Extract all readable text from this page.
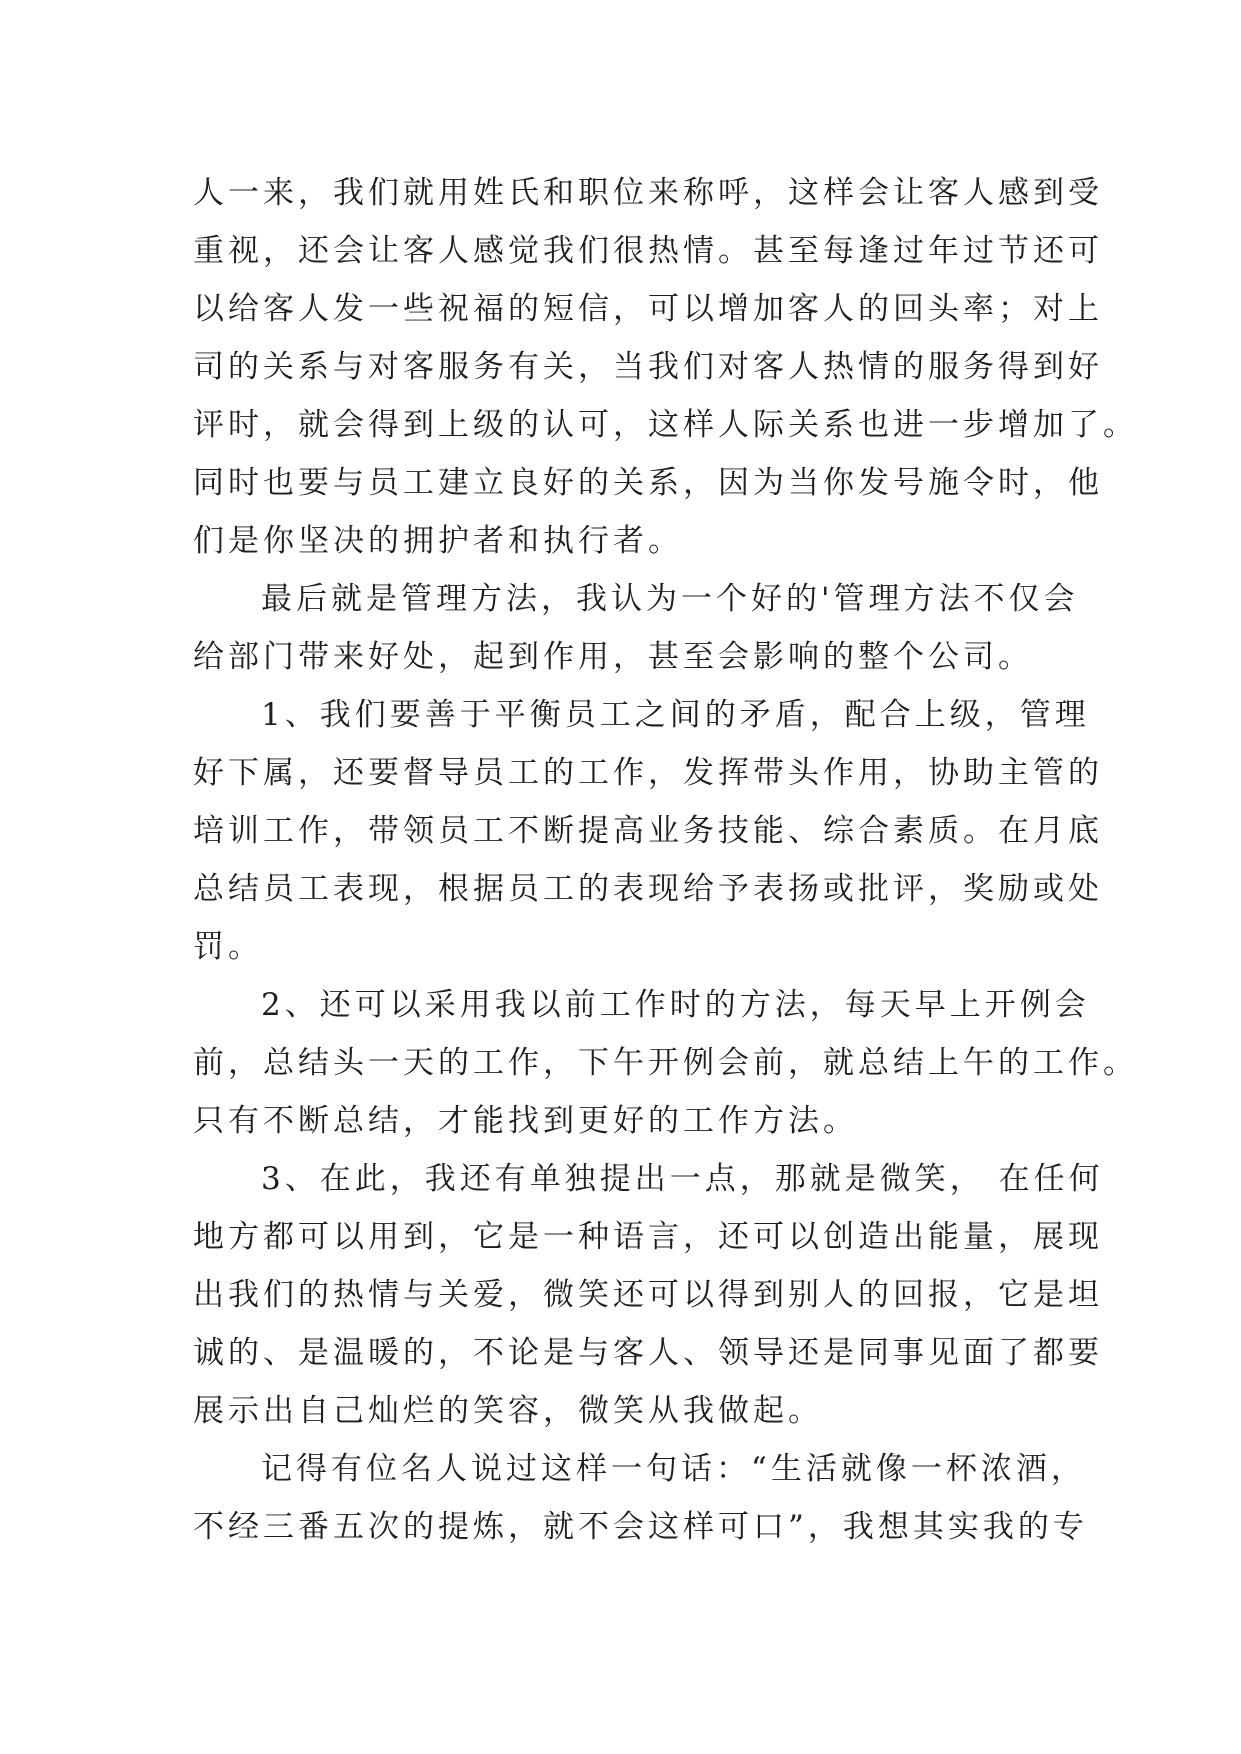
人一来，我们就用姓氏和职位来称呼，这样会让客人感到受
重视，还会让客人感觉我们很热情。甚至每逢过年过节还可
以给客人发一些祝福的短信，可以增加客人的回头率；对上
司的关系与对客服务有关，当我们对客人热情的服务得到好
评时，就会得到上级的认可，这样人际关系也进一步增加了。
同时也要与员工建立良好的关系，因为当你发号施令时，他
们是你坚决的拥护者和执行者。
最后就是管理方法，我认为一个好的'管理方法不仅会
给部门带来好处，起到作用，甚至会影响的整个公司。
1、我们要善于平衡员工之间的矛盾，配合上级，管理
好下属，还要督导员工的工作，发挥带头作用，协助主管的
培训工作，带领员工不断提高业务技能、综合素质。在月底
总结员工表现，根据员工的表现给予表扬或批评，奖励或处
罚。
2、还可以采用我以前工作时的方法，每天早上开例会
前，总结头一天的工作，下午开例会前，就总结上午的工作。
只有不断总结，才能找到更好的工作方法。
3、在此，我还有单独提出一点，那就是微笑， 在任何
地方都可以用到，它是一种语言，还可以创造出能量，展现
出我们的热情与关爱，微笑还可以得到别人的回报，它是坦
诚的、是温暖的，不论是与客人、领导还是同事见面了都要
展示出自己灿烂的笑容，微笑从我做起。
记得有位名人说过这样一句话：“生活就像一杯浓酒，
不经三番五次的提炼，就不会这样可口”，我想其实我的专
